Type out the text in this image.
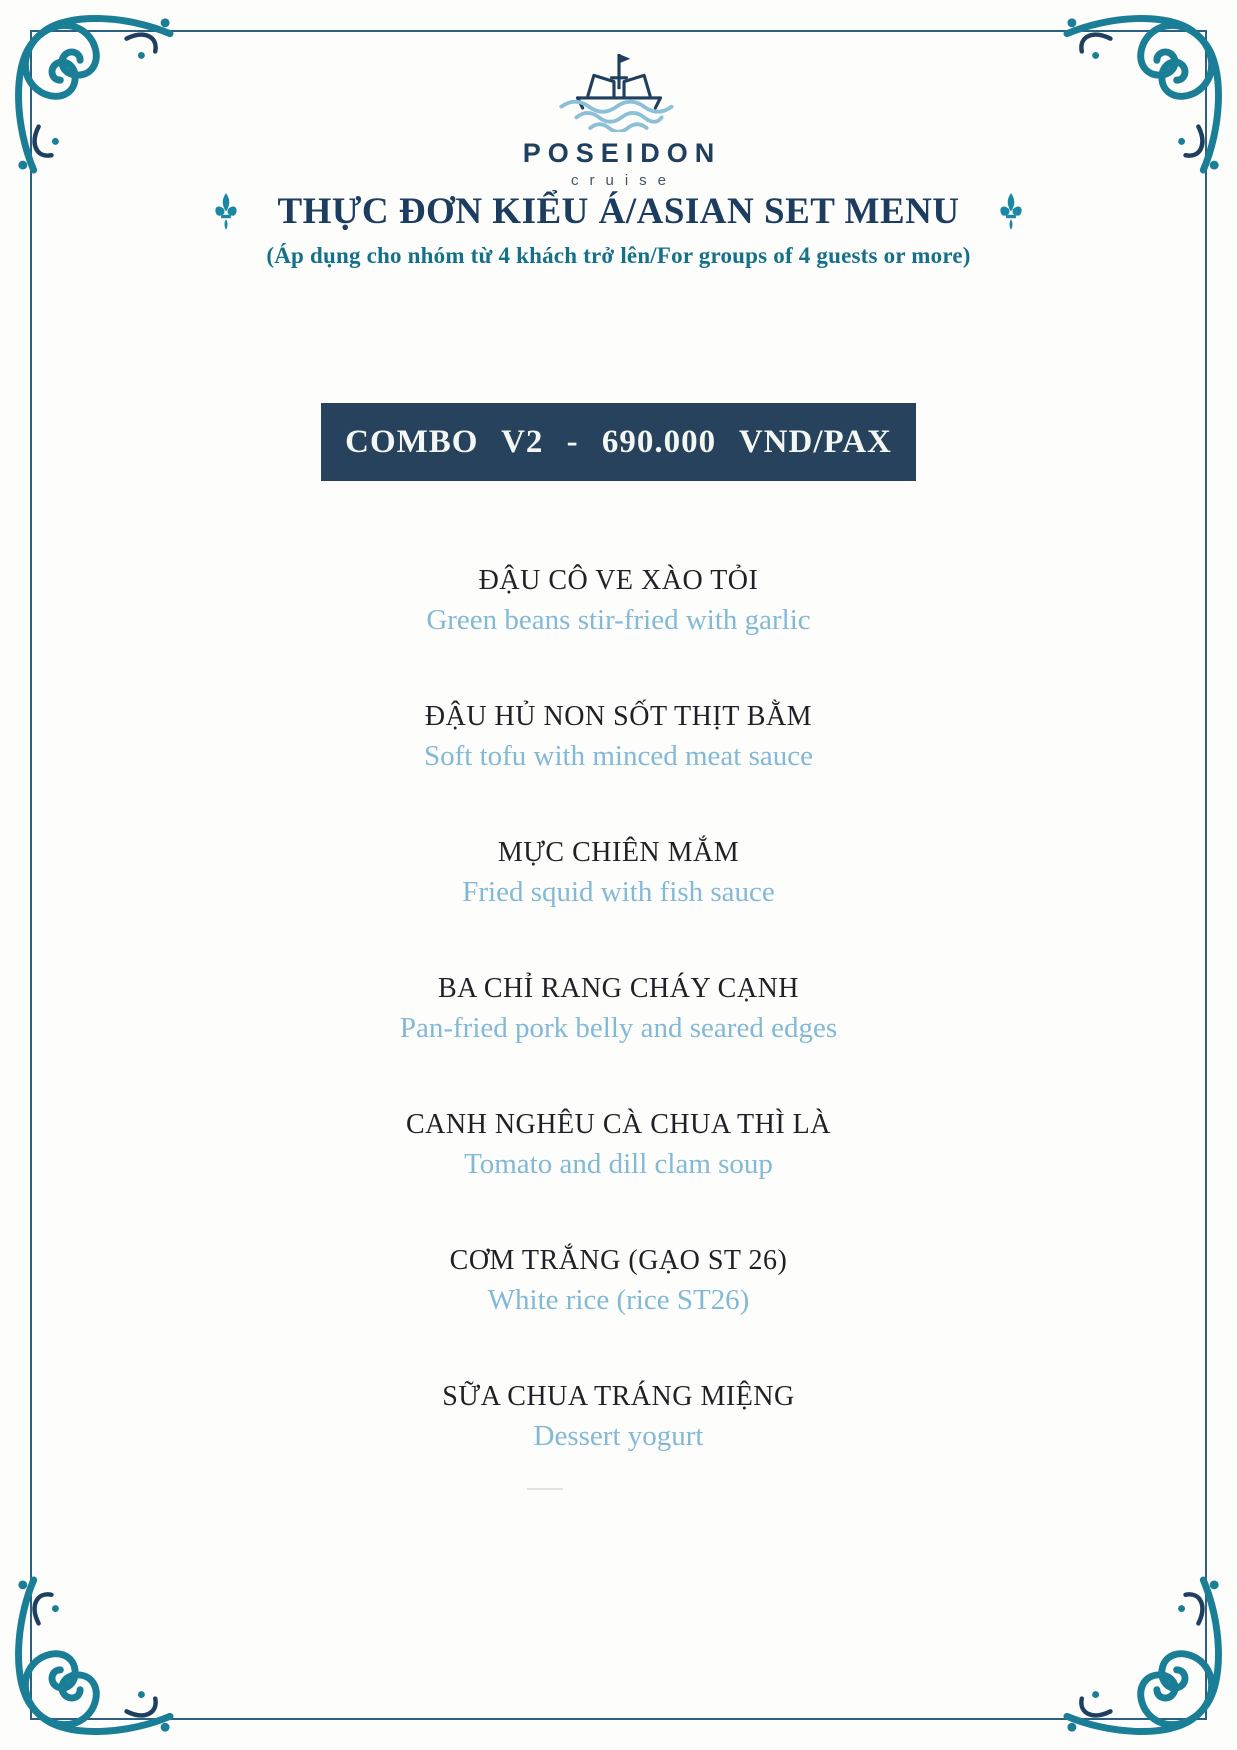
POSEIDON
cruise
THỰC ĐƠN KIỂU Á/ASIAN SET MENU
(Áp dụng cho nhóm từ 4 khách trở lên/For groups of 4 guests or more)
COMBO V2 - 690.000 VND/PAX
ĐẬU CÔ VE XÀO TỎI
Green beans stir-fried with garlic
ĐẬU HỦ NON SỐT THỊT BẰM
Soft tofu with minced meat sauce
MỰC CHIÊN MẮM
Fried squid with fish sauce
BA CHỈ RANG CHÁY CẠNH
Pan-fried pork belly and seared edges
CANH NGHÊU CÀ CHUA THÌ LÀ
Tomato and dill clam soup
CƠM TRẮNG (GẠO ST 26)
White rice (rice ST26)
SỮA CHUA TRÁNG MIỆNG
Dessert yogurt
